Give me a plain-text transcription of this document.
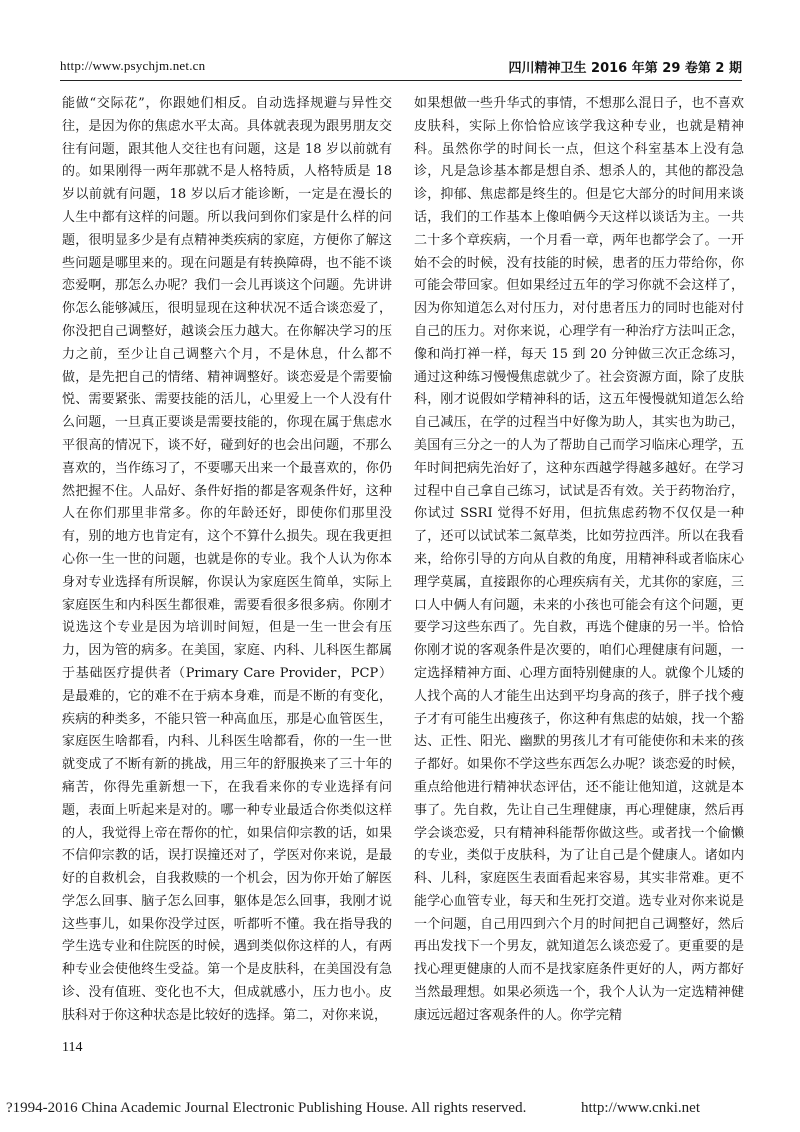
http://www.psychjm.net.cn	四川精神卫生 2016 年第 29 卷第 2 期
能做“交际花”，你跟她们相反。自动选择规避与异性交往，是因为你的焦虑水平太高。具体就表现为跟男朋友交往有问题，跟其他人交往也有问题，这是 18 岁以前就有的。如果刚得一两年那就不是人格特质，人格特质是 18 岁以前就有问题，18 岁以后才能诊断，一定是在漫长的人生中都有这样的问题。所以我问到你们家是什么样的问题，很明显多少是有点精神类疾病的家庭，方便你了解这些问题是哪里来的。现在问题是有转换障碍，也不能不谈恋爱啊，那怎么办呢？我们一会儿再谈这个问题。先讲讲你怎么能够减压，很明显现在这种状况不适合谈恋爱了，你没把自己调整好，越谈会压力越大。在你解决学习的压力之前，至少让自己调整六个月，不是休息，什么都不做，是先把自己的情绪、精神调整好。谈恋爱是个需要愉悦、需要紧张、需要技能的活儿，心里爱上一个人没有什么问题，一旦真正要谈是需要技能的，你现在属于焦虑水平很高的情况下，谈不好，碰到好的也会出问题，不那么喜欢的，当作练习了，不要哪天出来一个最喜欢的，你仍然把握不住。人品好、条件好指的都是客观条件好，这种人在你们那里非常多。你的年龄还好，即使你们那里没有，别的地方也肯定有，这个不算什么损失。现在我更担心你一生一世的问题，也就是你的专业。我个人认为你本身对专业选择有所误解，你误认为家庭医生简单，实际上家庭医生和内科医生都很难，需要看很多很多病。你刚才说选这个专业是因为培训时间短，但是一生一世会有压力，因为管的病多。在美国，家庭、内科、儿科医生都属于基础医疗提供者（Primary Care Provider，PCP）是最难的，它的难不在于病本身难，而是不断的有变化，疾病的种类多，不能只管一种高血压，那是心血管医生，家庭医生啥都看，内科、儿科医生啥都看，你的一生一世就变成了不断有新的挑战，用三年的舒服换来了三十年的痛苦，你得先重新想一下，在我看来你的专业选择有问题，表面上听起来是对的。哪一种专业最适合你类似这样的人，我觉得上帝在帮你的忙，如果信仰宗教的话，如果不信仰宗教的话，误打误撞还对了，学医对你来说，是最好的自救机会，自我救赎的一个机会，因为你开始了解医学怎么回事、脑子怎么回事，躯体是怎么回事，我刚才说这些事儿，如果你没学过医，听都听不懂。我在指导我的学生选专业和住院医的时候，遇到类似你这样的人，有两种专业会使他终生受益。第一个是皮肤科，在美国没有急诊、没有值班、变化也不大，但成就感小，压力也小。皮肤科对于你这种状态是比较好的选择。第二，对你来说，
如果想做一些升华式的事情，不想那么混日子，也不喜欢皮肤科，实际上你恰恰应该学我这种专业，也就是精神科。虽然你学的时间长一点，但这个科室基本上没有急诊，凡是急诊基本都是想自杀、想杀人的，其他的都没急诊，抑郁、焦虑都是终生的。但是它大部分的时间用来谈话，我们的工作基本上像咱俩今天这样以谈话为主。一共二十多个章疾病，一个月看一章，两年也都学会了。一开始不会的时候，没有技能的时候，患者的压力带给你，你可能会带回家。但如果经过五年的学习你就不会这样了，因为你知道怎么对付压力，对付患者压力的同时也能对付自己的压力。对你来说，心理学有一种治疗方法叫正念，像和尚打禅一样，每天 15 到 20 分钟做三次正念练习，通过这种练习慢慢焦虑就少了。社会资源方面，除了皮肤科，刚才说假如学精神科的话，这五年慢慢就知道怎么给自己减压，在学的过程当中好像为助人，其实也为助己，美国有三分之一的人为了帮助自己而学习临床心理学，五年时间把病先治好了，这种东西越学得越多越好。在学习过程中自己拿自己练习，试试是否有效。关于药物治疗，你试过 SSRI 觉得不好用，但抗焦虑药物不仅仅是一种了，还可以试试苯二氮草类，比如劳拉西泮。所以在我看来，给你引导的方向从自救的角度，用精神科或者临床心理学莫属，直接跟你的心理疾病有关，尤其你的家庭，三口人中俩人有问题，未来的小孩也可能会有这个问题，更要学习这些东西了。先自救，再选个健康的另一半。恰恰你刚才说的客观条件是次要的，咱们心理健康有问题，一定选择精神方面、心理方面特别健康的人。就像个儿矮的人找个高的人才能生出达到平均身高的孩子，胖子找个瘦子才有可能生出瘦孩子，你这种有焦虑的姑娘，找一个豁达、正性、阳光、幽默的男孩儿才有可能使你和未来的孩子都好。如果你不学这些东西怎么办呢？谈恋爱的时候，重点给他进行精神状态评估，还不能让他知道，这就是本事了。先自救，先让自己生理健康，再心理健康，然后再学会谈恋爱，只有精神科能帮你做这些。或者找一个偷懒的专业，类似于皮肤科，为了让自己是个健康人。诸如内科、儿科，家庭医生表面看起来容易，其实非常难。更不能学心血管专业，每天和生死打交道。选专业对你来说是一个问题，自己用四到六个月的时间把自己调整好，然后再出发找下一个男友，就知道怎么谈恋爱了。更重要的是找心理更健康的人而不是找家庭条件更好的人，两方都好当然最理想。如果必须选一个，我个人认为一定选精神健康远远超过客观条件的人。你学完精
114
?1994-2016 China Academic Journal Electronic Publishing House. All rights reserved.	http://www.cnki.net
